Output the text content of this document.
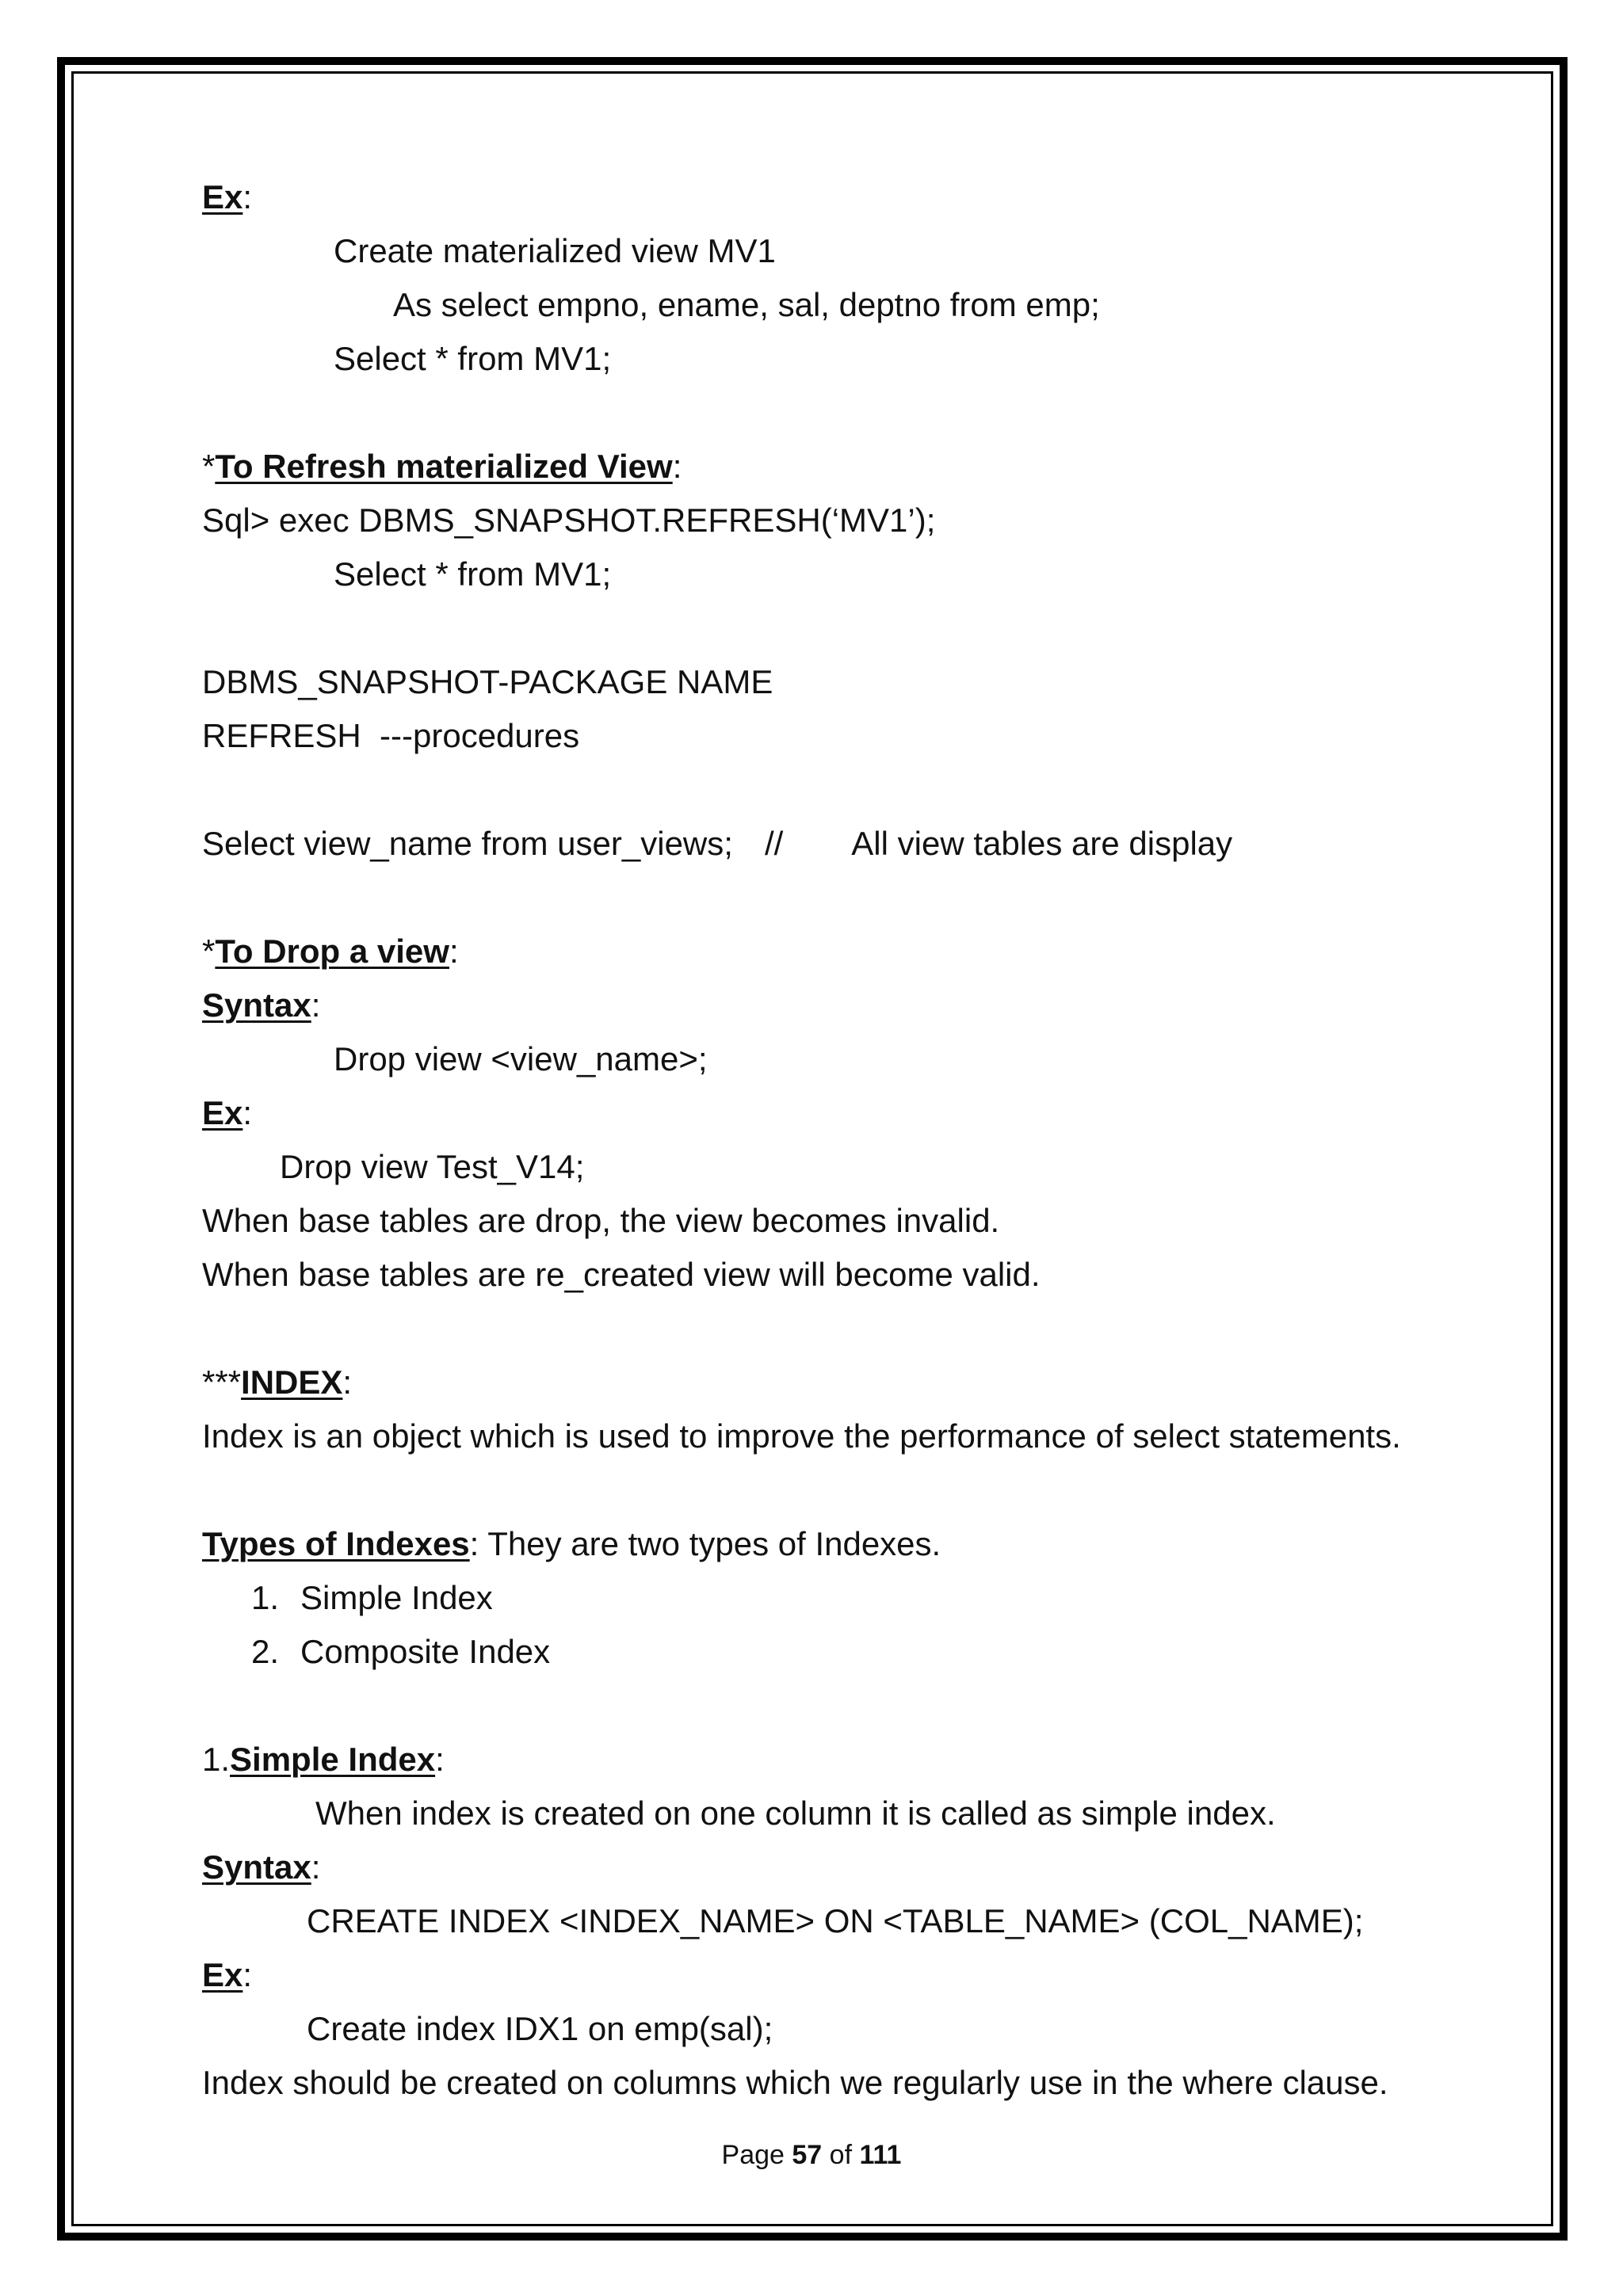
Ex:
Create materialized view MV1
As select empno, ename, sal, deptno from emp;
Select * from MV1;
*To Refresh materialized View:
Sql> exec DBMS_SNAPSHOT.REFRESH(‘MV1’);
Select * from MV1;
DBMS_SNAPSHOT-PACKAGE NAME
REFRESH  ---procedures
Select view_name from user_views; // All view tables are display
*To Drop a view:
Syntax:
Drop view <view_name>;
Ex:
Drop view Test_V14;
When base tables are drop, the view becomes invalid.
When base tables are re_created view will become valid.
***INDEX:
Index is an object which is used to improve the performance of select statements.
Types of Indexes: They are two types of Indexes.
1. Simple Index
2. Composite Index
1.Simple Index:
When index is created on one column it is called as simple index.
Syntax:
CREATE INDEX <INDEX_NAME> ON <TABLE_NAME> (COL_NAME);
Ex:
Create index IDX1 on emp(sal);
Index should be created on columns which we regularly use in the where clause.
Page 57 of 111
